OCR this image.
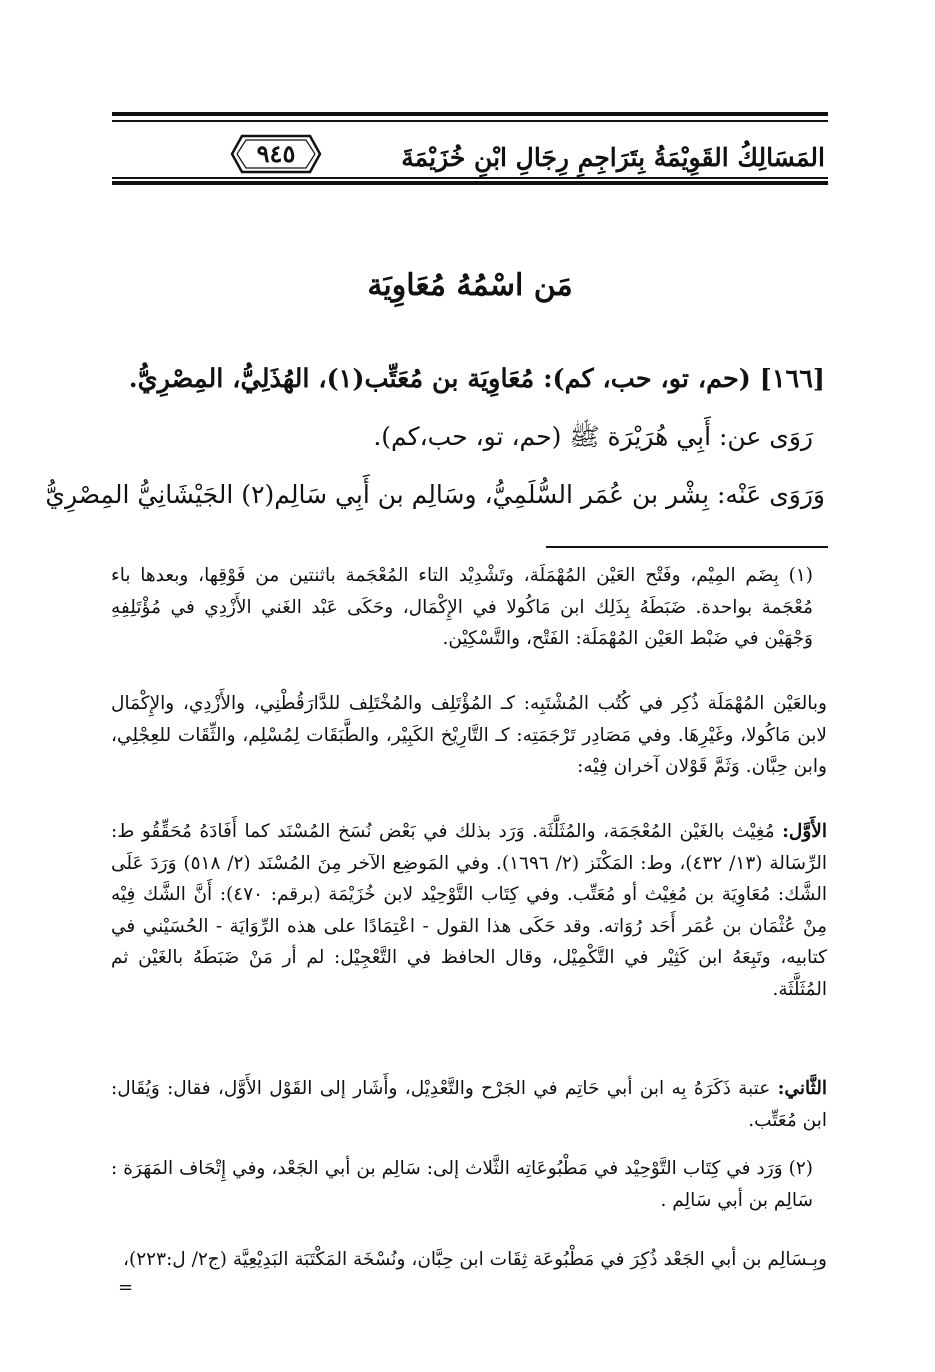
٩٤٥	المَسَالِكُ القَوِيْمَةُ بِتَرَاجِمِ رِجَالِ ابْنِ خُزَيْمَةَ
مَن اسْمُهُ مُعَاوِيَة
[١٦٦] (حم، تو، حب، كم): مُعَاوِيَة بن مُعَتِّب(١)، الهُذَلِيُّ، المِصْرِيُّ.
رَوَى عن: أَبِي هُرَيْرَة ﷺ (حم، تو، حب،كم).
وَرَوَى عَنْه: بِشْر بن عُمَر السُّلَمِيُّ، وسَالِم بن أَبِي سَالِم(٢) الجَيْشَانِيُّ المِصْرِيُّ
(١) بِضَم المِيْم، وفَتْح العَيْن المُهْمَلَة، وتَشْدِيْد التاء المُعْجَمة باثنتين من فَوْقِها، وبعدها باء مُعْجَمة بواحدة. ضَبَطَهُ بِذَلِك ابن مَاكُولا في الإِكْمَال، وحَكَى عَبْد الغَني الأَزْدِي في مُؤْتَلِفِهِ وَجْهَيْن في ضَبْط العَيْن المُهْمَلَة: الفَتْح، والتَّسْكِيْن.
وبالعَيْن المُهْمَلَة ذُكِر في كُتُب المُشْتَبِه: كـ المُؤْتَلِف والمُخْتَلِف للدَّارَقُطْنِي، والأَزْدِي، والإِكْمَال لابن مَاكُولا، وغَيْرِهَا. وفي مَصَادِر تَرْجَمَتِه: كـ التَّارِيْخ الكَبِيْر، والطَّبَقَات لِمُسْلِم، والثِّقَات للعِجْلِي، وابن حِبَّان. وَثَمَّ قَوْلان آخران فِيْه:
الأَوَّل: مُغِيْث بالغَيْن المُعْجَمَة، والمُثَلَّثَة. وَرَد بذلك في بَعْض نُسَخ المُسْنَد كما أَفَادَهُ مُحَقِّقُو ط: الرِّسَالة (١٣/ ٤٣٢)، وط: المَكْنَز (٢/ ١٦٩٦). وفي المَوضِع الآخر مِنَ المُسْنَد (٢/ ٥١٨) وَرَدَ عَلَى الشَّك: مُعَاوِيَة بن مُغِيْث أو مُعَتِّب. وفي كِتَاب التَّوْحِيْد لابن خُزَيْمَة (برقم: ٤٧٠): أَنَّ الشَّك فِيْه مِنْ عُثْمَان بن عُمَر أَحَد رُوَاته. وقد حَكَى هذا القول - اعْتِمَادًا على هذه الرِّوَايَة - الحُسَيْني في كتابيه، وتَبِعَهُ ابن كَثِيْر في التَّكْمِيْل، وقال الحافظ في التَّعْجِيْل: لم أر مَنْ ضَبَطَهُ بالغَيْن ثم المُثَلَّثَة.
الثَّاني: عتبة ذَكَرَهُ بِه ابن أبي حَاتِم في الجَرْح والتَّعْدِيْل، وأَشَار إلى القَوْل الأَوَّل، فقال: وَيُقَال: ابن مُعَتِّب.
(٢) وَرَد في كِتَاب التَّوْحِيْد في مَطْبُوعَاتِه الثَّلاث إلى: سَالِم بن أبي الجَعْد، وفي إِتْحَاف المَهَرَة : سَالِم بن أبي سَالِم .
وبِـسَالِم بن أبي الجَعْد ذُكِرَ في مَطْبُوعَة ثِقَات ابن حِبَّان، ونُسْخَة المَكْتَبَة البَدِيْعِيَّة (ج٢/ ل:٢٢٣)،
=
